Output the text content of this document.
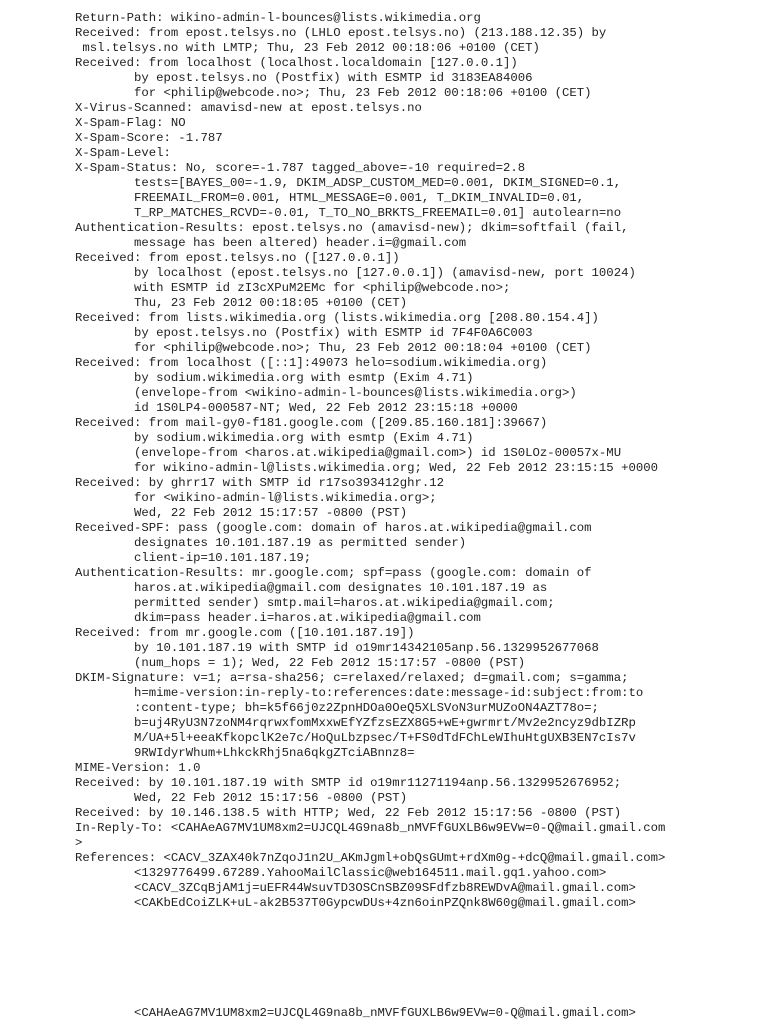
Return-Path: wikino-admin-l-bounces@lists.wikimedia.org
Received: from epost.telsys.no (LHLO epost.telsys.no) (213.188.12.35) by
msl.telsys.no with LMTP; Thu, 23 Feb 2012 00:18:06 +0100 (CET)
Received: from localhost (localhost.localdomain [127.0.0.1])
by epost.telsys.no (Postfix) with ESMTP id 3183EA84006
for <philip@webcode.no>; Thu, 23 Feb 2012 00:18:06 +0100 (CET)
X-Virus-Scanned: amavisd-new at epost.telsys.no
X-Spam-Flag: NO
X-Spam-Score: -1.787
X-Spam-Level:
X-Spam-Status: No, score=-1.787 tagged_above=-10 required=2.8
tests=[BAYES_00=-1.9, DKIM_ADSP_CUSTOM_MED=0.001, DKIM_SIGNED=0.1,
FREEMAIL_FROM=0.001, HTML_MESSAGE=0.001, T_DKIM_INVALID=0.01,
T_RP_MATCHES_RCVD=-0.01, T_TO_NO_BRKTS_FREEMAIL=0.01] autolearn=no
Authentication-Results: epost.telsys.no (amavisd-new); dkim=softfail (fail,
message has been altered) header.i=@gmail.com
Received: from epost.telsys.no ([127.0.0.1])
by localhost (epost.telsys.no [127.0.0.1]) (amavisd-new, port 10024)
with ESMTP id zI3cXPuM2EMc for <philip@webcode.no>;
Thu, 23 Feb 2012 00:18:05 +0100 (CET)
Received: from lists.wikimedia.org (lists.wikimedia.org [208.80.154.4])
by epost.telsys.no (Postfix) with ESMTP id 7F4F0A6C003
for <philip@webcode.no>; Thu, 23 Feb 2012 00:18:04 +0100 (CET)
Received: from localhost ([::1]:49073 helo=sodium.wikimedia.org)
by sodium.wikimedia.org with esmtp (Exim 4.71)
(envelope-from <wikino-admin-l-bounces@lists.wikimedia.org>)
id 1S0LP4-000587-NT; Wed, 22 Feb 2012 23:15:18 +0000
Received: from mail-gy0-f181.google.com ([209.85.160.181]:39667)
by sodium.wikimedia.org with esmtp (Exim 4.71)
(envelope-from <haros.at.wikipedia@gmail.com>) id 1S0LOz-00057x-MU
for wikino-admin-l@lists.wikimedia.org; Wed, 22 Feb 2012 23:15:15 +0000
Received: by ghrr17 with SMTP id r17so393412ghr.12
for <wikino-admin-l@lists.wikimedia.org>;
Wed, 22 Feb 2012 15:17:57 -0800 (PST)
Received-SPF: pass (google.com: domain of haros.at.wikipedia@gmail.com
designates 10.101.187.19 as permitted sender)
client-ip=10.101.187.19;
Authentication-Results: mr.google.com; spf=pass (google.com: domain of
haros.at.wikipedia@gmail.com designates 10.101.187.19 as
permitted sender) smtp.mail=haros.at.wikipedia@gmail.com;
dkim=pass header.i=haros.at.wikipedia@gmail.com
Received: from mr.google.com ([10.101.187.19])
by 10.101.187.19 with SMTP id o19mr14342105anp.56.1329952677068
(num_hops = 1); Wed, 22 Feb 2012 15:17:57 -0800 (PST)
DKIM-Signature: v=1; a=rsa-sha256; c=relaxed/relaxed; d=gmail.com; s=gamma;
h=mime-version:in-reply-to:references:date:message-id:subject:from:to
:content-type; bh=k5f66j0z2ZpnHDOa0OeQ5XLSVoN3urMUZoON4AZT78o=;
b=uj4RyU3N7zoNM4rqrwxfomMxxwEfYZfzsEZX8G5+wE+gwrmrt/Mv2e2ncyz9dbIZRp
M/UA+5l+eeaKfkopclK2e7c/HoQuLbzpsec/T+FS0dTdFChLeWIhuHtgUXB3EN7cIs7v
9RWIdyrWhum+LhkckRhj5na6qkgZTciABnnz8=
MIME-Version: 1.0
Received: by 10.101.187.19 with SMTP id o19mr11271194anp.56.1329952676952;
Wed, 22 Feb 2012 15:17:56 -0800 (PST)
Received: by 10.146.138.5 with HTTP; Wed, 22 Feb 2012 15:17:56 -0800 (PST)
In-Reply-To: <CAHAeAG7MV1UM8xm2=UJCQL4G9na8b_nMVFfGUXLB6w9EVw=0-Q@mail.gmail.com
>
References: <CACV_3ZAX40k7nZqoJ1n2U_AKmJgml+obQsGUmt+rdXm0g-+dcQ@mail.gmail.com>
<1329776499.67289.YahooMailClassic@web164511.mail.gq1.yahoo.com>
<CACV_3ZCqBjAM1j=uEFR44WsuvTD3OSCnSBZ09SFdfzb8REWDvA@mail.gmail.com>
<CAKbEdCoiZLK+uL-ak2B537T0GypcwDUs+4zn6oinPZQnk8W60g@mail.gmail.com>
<CAHAeAG7MV1UM8xm2=UJCQL4G9na8b_nMVFfGUXLB6w9EVw=0-Q@mail.gmail.com>
